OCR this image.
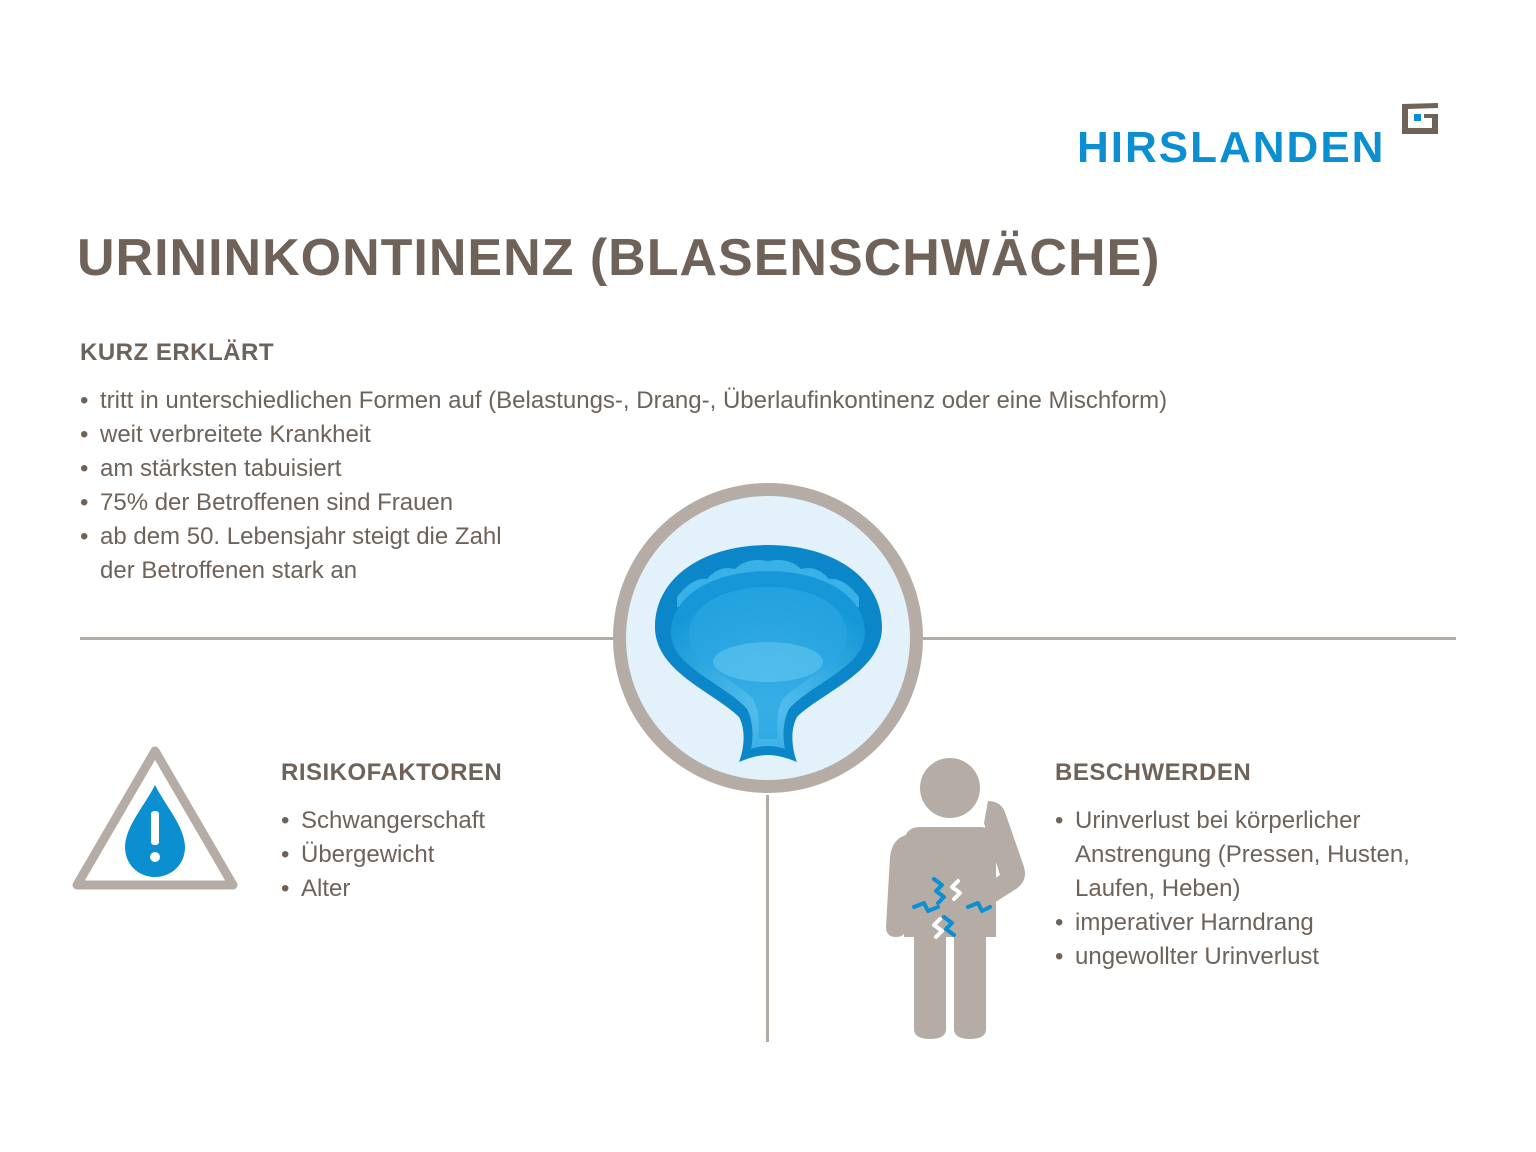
HIRSLANDEN
URININKONTINENZ (BLASENSCHWÄCHE)
KURZ ERKLÄRT
• tritt in unterschiedlichen Formen auf (Belastungs-, Drang-, Überlaufinkontinenz oder eine Mischform)
• weit verbreitete Krankheit
• am stärksten tabuisiert
• 75% der Betroffenen sind Frauen
• ab dem 50. Lebensjahr steigt die Zahl der Betroffenen stark an
RISIKOFAKTOREN
• Schwangerschaft
• Übergewicht
• Alter
BESCHWERDEN
• Urinverlust bei körperlicher Anstrengung (Pressen, Husten, Laufen, Heben)
• imperativer Harndrang
• ungewollter Urinverlust
